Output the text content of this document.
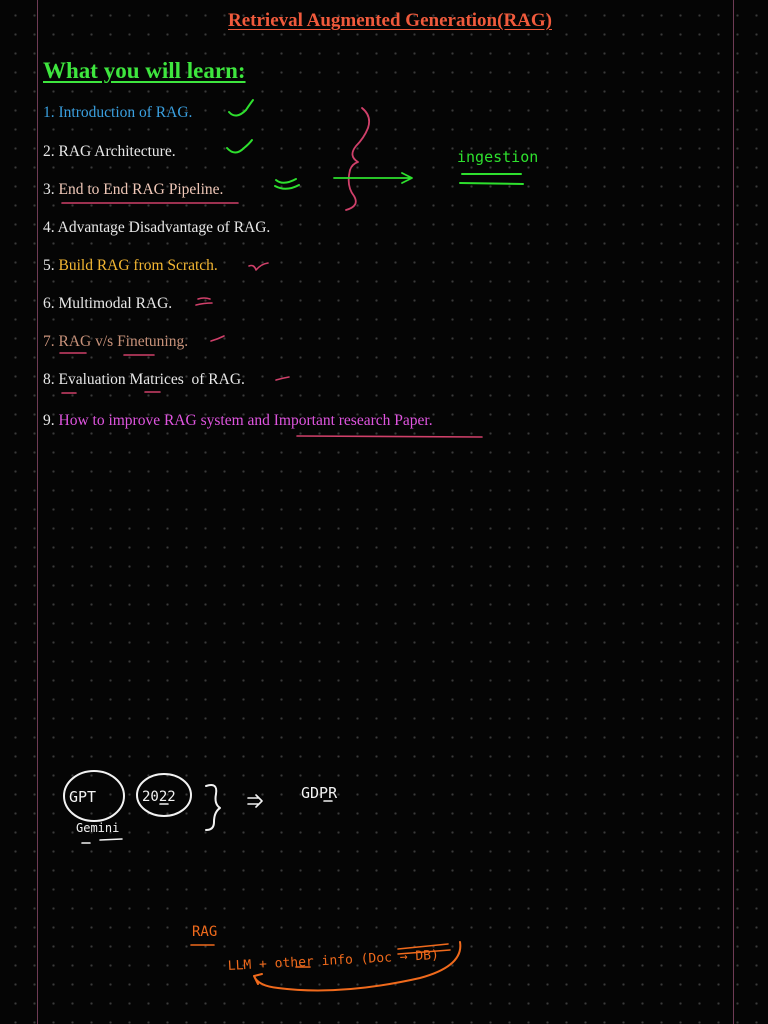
Retrieval Augmented Generation(RAG)
What you will learn:
1. Introduction of RAG.
2. RAG Architecture.
3. End to End RAG Pipeline.
4. Advantage Disadvantage of RAG.
5. Build RAG from Scratch.
6. Multimodal RAG.
7. RAG v/s Finetuning.
8. Evaluation Matrices  of RAG.
9. How to improve RAG system and Important research Paper.
ingestion
GPT	2022
Gemini
GDPR
RAG
LLM + other info (Doc → DB)
